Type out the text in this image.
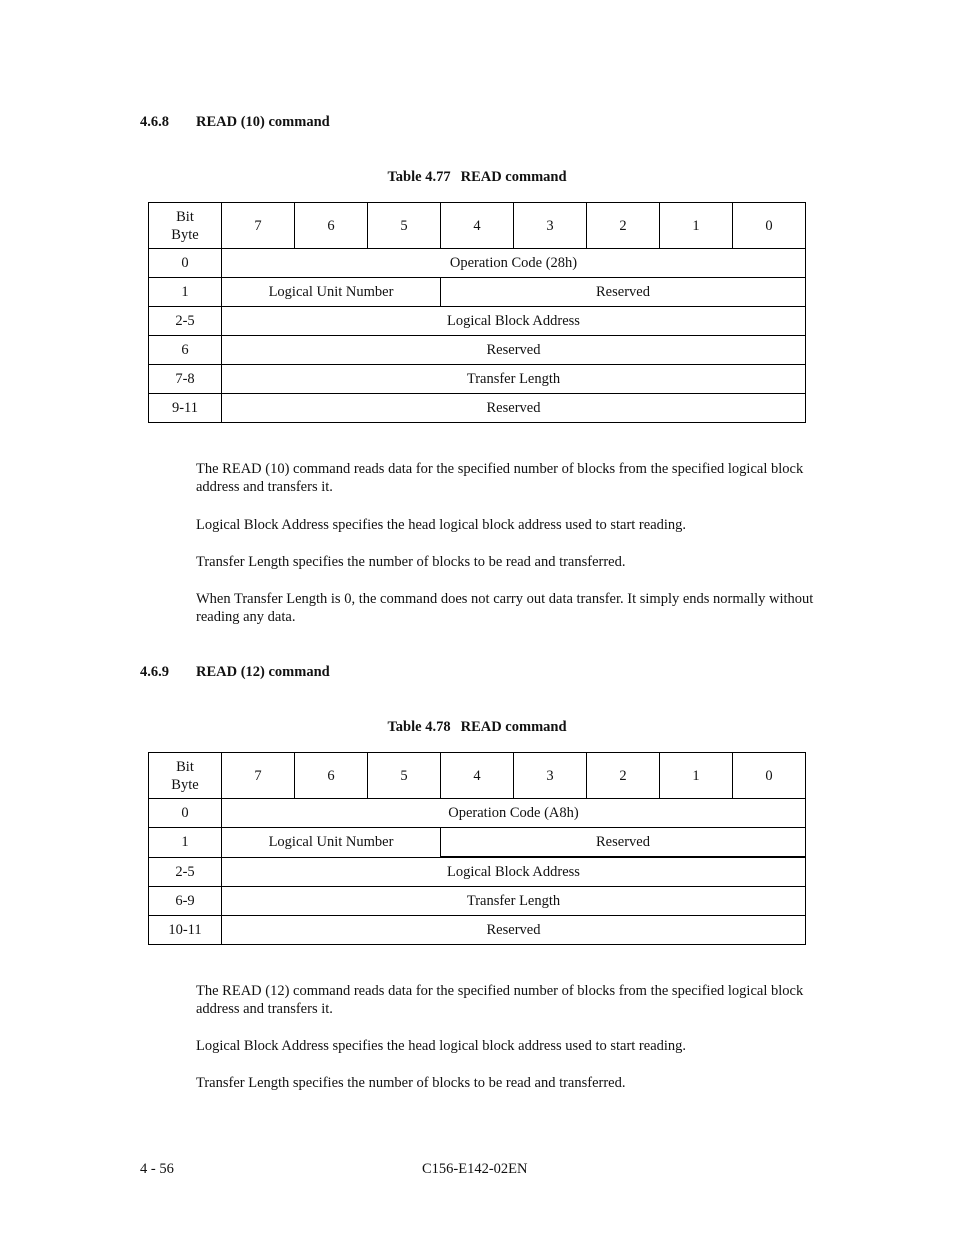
4.6.8 READ (10) command
Table 4.77 READ command
Bit
Byte	7	6	5	4	3	2	1	0
0	Operation Code (28h)							
1	Logical Unit Number			Reserved				
2-5	Logical Block Address							
6	Reserved							
7-8	Transfer Length							
9-11	Reserved							
The READ (10) command reads data for the specified number of blocks from the specified logical block address and transfers it.
Logical Block Address specifies the head logical block address used to start reading.
Transfer Length specifies the number of blocks to be read and transferred.
When Transfer Length is 0, the command does not carry out data transfer. It simply ends normally without reading any data.
4.6.9 READ (12) command
Table 4.78 READ command
Bit
Byte	7	6	5	4	3	2	1	0
0	Operation Code (A8h)							
1	Logical Unit Number			Reserved				
2-5	Logical Block Address							
6-9	Transfer Length							
10-11	Reserved							
The READ (12) command reads data for the specified number of blocks from the specified logical block address and transfers it.
Logical Block Address specifies the head logical block address used to start reading.
Transfer Length specifies the number of blocks to be read and transferred.
4 - 56	C156-E142-02EN
